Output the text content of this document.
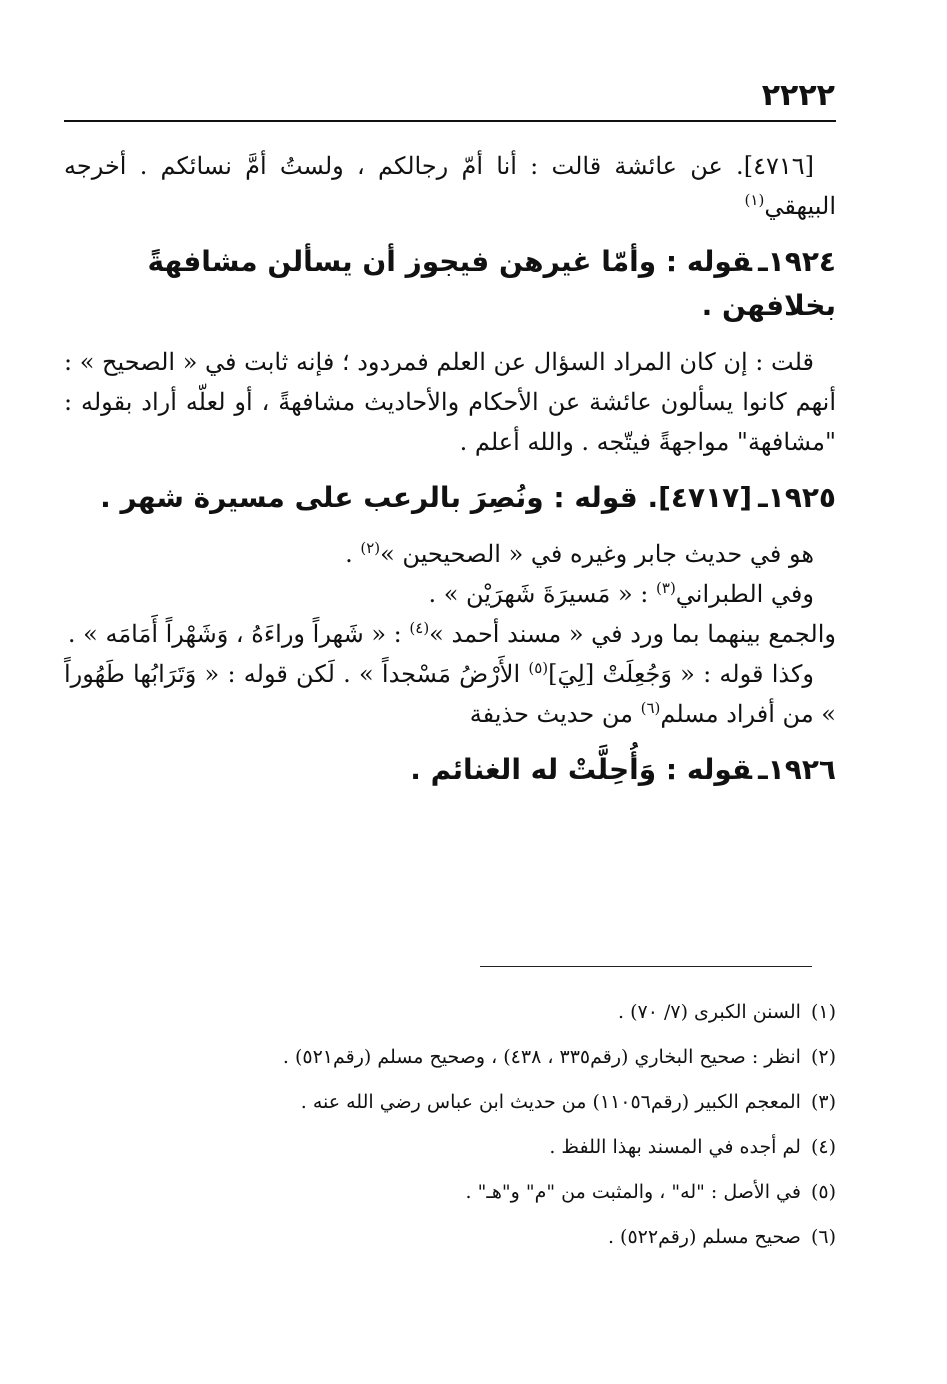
٢٢٢٢

[٤٧١٦]. عن عائشة قالت : أنا أمّ رجالكم ، ولستُ أمَّ نسائكم . أخرجه البيهقي$^{(١)}$

١٩٢٤ـقوله : وأمّا غيرهن فيجوز أن يسألن مشافهةً بخلافهن .

قلت : إن كان المراد السؤال عن العلم فمردود ؛ فإنه ثابت في « الصحيح » : أنهم كانوا يسألون عائشة عن الأحكام والأحاديث مشافهةً ، أو لعلّه أراد بقوله : "مشافهة" مواجهةً فيتّجه . والله أعلم .

١٩٢٥ـ[٤٧١٧]. قوله : ونُصِرَ بالرعب على مسيرة شهر .

هو في حديث جابر وغيره في « الصحيحين »$^{(٢)}$ .

وفي الطبراني$^{(٣)}$ : « مَسيرَةَ شَهرَيْن » .

والجمع بينهما بما ورد في « مسند أحمد »$^{(٤)}$ : « شَهراً وراءَهُ ، وَشَهْراً أَمَامَه » .

وكذا قوله : « وَجُعِلَتْ [لِيَ]$^{(٥)}$ الأَرْضُ مَسْجداً » . لَكن قوله : « وَتَرَابُها طَهُوراً » من أفراد مسلم$^{(٦)}$ من حديث حذيفة

١٩٢٦ـقوله : وَأُحِلَّتْ له الغنائم .

(١)السنن الكبرى (٧/ ٧٠) .

(٢)انظر : صحيح البخاري (رقم٣٣٥ ، ٤٣٨) ، وصحيح مسلم (رقم٥٢١) .

(٣)المعجم الكبير (رقم١١٠٥٦) من حديث ابن عباس رضي الله عنه .

(٤)لم أجده في المسند بهذا اللفظ .

(٥)في الأصل : "له" ، والمثبت من "م" و"هـ" .

(٦)صحيح مسلم (رقم٥٢٢) .
